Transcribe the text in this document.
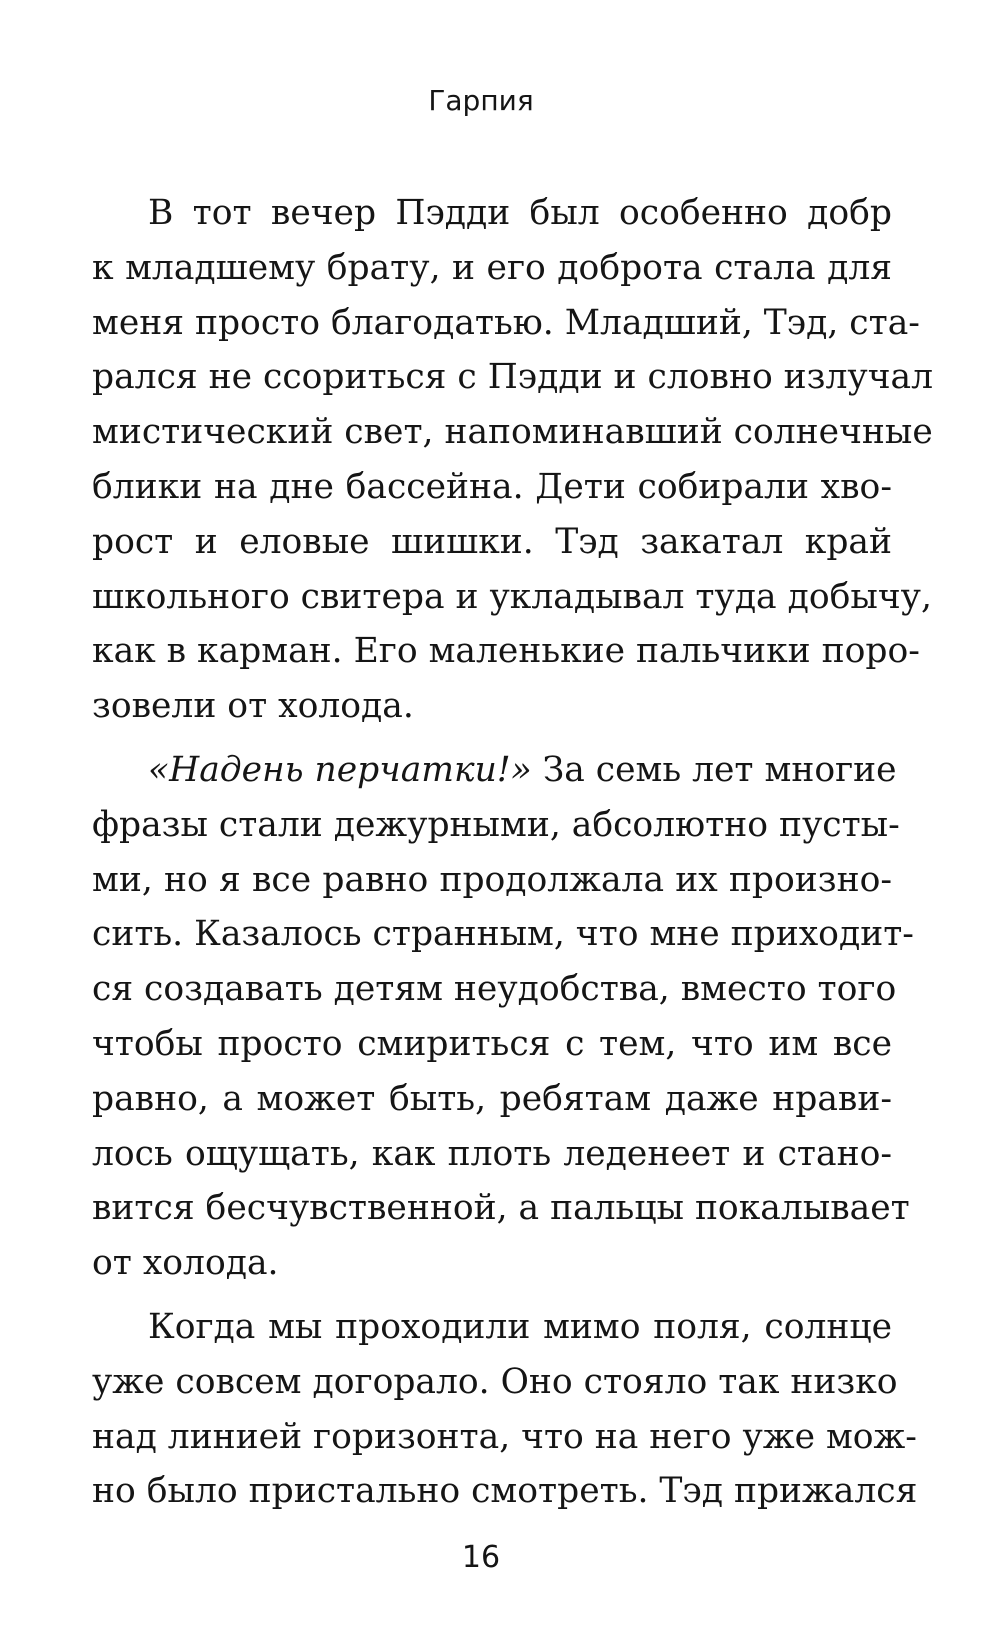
Гарпия
В тот вечер Пэдди был особенно добр
к младшему брату, и его доброта стала для
меня просто благодатью. Младший, Тэд, ста-
рался не ссориться с Пэдди и словно излучал
мистический свет, напоминавший солнечные
блики на дне бассейна. Дети собирали хво-
рост и еловые шишки. Тэд закатал край
школьного свитера и укладывал туда добычу,
как в карман. Его маленькие пальчики поро-
зовели от холода.
«Надень перчатки!» За семь лет многие
фразы стали дежурными, абсолютно пусты-
ми, но я все равно продолжала их произно-
сить. Казалось странным, что мне приходит-
ся создавать детям неудобства, вместо того
чтобы просто смириться с тем, что им все
равно, а может быть, ребятам даже нрави-
лось ощущать, как плоть леденеет и стано-
вится бесчувственной, а пальцы покалывает
от холода.
Когда мы проходили мимо поля, солнце
уже совсем догорало. Оно стояло так низко
над линией горизонта, что на него уже мож-
но было пристально смотреть. Тэд прижался
16
